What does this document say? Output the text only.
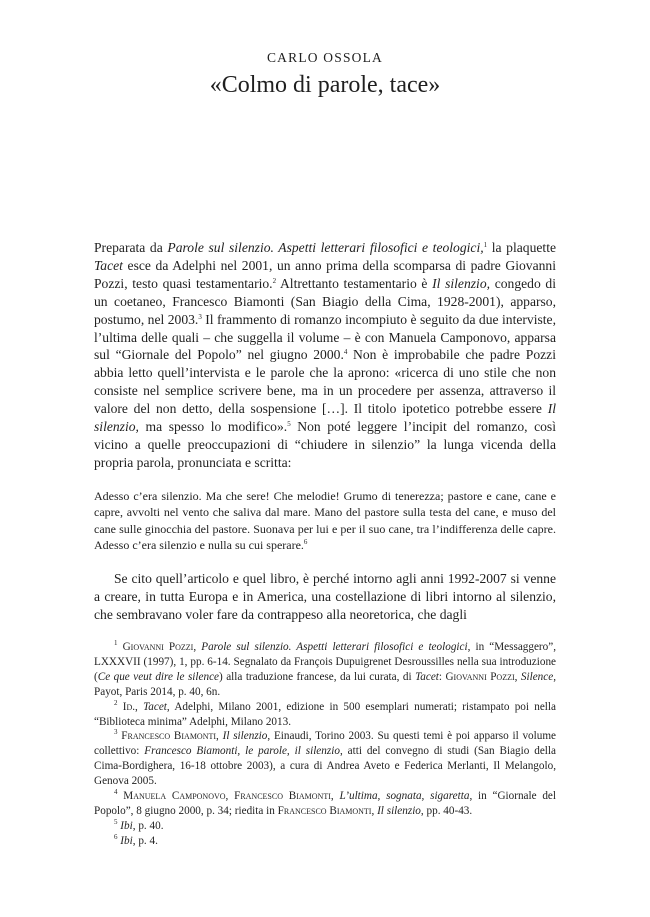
CARLO OSSOLA
«Colmo di parole, tace»
Preparata da Parole sul silenzio. Aspetti letterari filosofici e teologici,$^1$ la plaquette Tacet esce da Adelphi nel 2001, un anno prima della scomparsa di padre Giovanni Pozzi, testo quasi testamentario.$^2$ Altrettanto testamentario è Il silenzio, congedo di un coetaneo, Francesco Biamonti (San Biagio della Cima, 1928-2001), apparso, postumo, nel 2003.$^3$ Il frammento di romanzo incompiuto è seguito da due interviste, l’ultima delle quali – che suggella il volume – è con Manuela Camponovo, apparsa sul “Giornale del Popolo” nel giugno 2000.$^4$ Non è improbabile che padre Pozzi abbia letto quell’intervista e le parole che la aprono: «ricerca di uno stile che non consiste nel semplice scrivere bene, ma in un procedere per assenza, attraverso il valore del non detto, della sospensione […]. Il titolo ipotetico potrebbe essere Il silenzio, ma spesso lo modifico».$^5$ Non poté leggere l’incipit del romanzo, così vicino a quelle preoccupazioni di “chiudere in silenzio” la lunga vicenda della propria parola, pronunciata e scritta:
Adesso c’era silenzio. Ma che sere! Che melodie! Grumo di tenerezza; pastore e cane, cane e capre, avvolti nel vento che saliva dal mare. Mano del pastore sulla testa del cane, e muso del cane sulle ginocchia del pastore. Suonava per lui e per il suo cane, tra l’indifferenza delle capre. Adesso c’era silenzio e nulla su cui sperare.$^6$
Se cito quell’articolo e quel libro, è perché intorno agli anni 1992-2007 si venne a creare, in tutta Europa e in America, una costellazione di libri intorno al silenzio, che sembravano voler fare da contrappeso alla neoretorica, che dagli

$^1$ Giovanni Pozzi, Parole sul silenzio. Aspetti letterari filosofici e teologici, in “Messaggero”, LXXXVII (1997), 1, pp. 6-14. Segnalato da François Dupuigrenet Desroussilles nella sua introduzione (Ce que veut dire le silence) alla traduzione francese, da lui curata, di Tacet: Giovanni Pozzi, Silence, Payot, Paris 2014, p. 40, 6n.

$^2$ Id., Tacet, Adelphi, Milano 2001, edizione in 500 esemplari numerati; ristampato poi nella “Biblioteca minima” Adelphi, Milano 2013.

$^3$ Francesco Biamonti, Il silenzio, Einaudi, Torino 2003. Su questi temi è poi apparso il volume collettivo: Francesco Biamonti, le parole, il silenzio, atti del convegno di studi (San Biagio della Cima-Bordighera, 16-18 ottobre 2003), a cura di Andrea Aveto e Federica Merlanti, Il Melangolo, Genova 2005.

$^4$ Manuela Camponovo, Francesco Biamonti, L’ultima, sognata, sigaretta, in “Giornale del Popolo”, 8 giugno 2000, p. 34; riedita in Francesco Biamonti, Il silenzio, pp. 40-43.

$^5$ Ibi, p. 40.

$^6$ Ibi, p. 4.
